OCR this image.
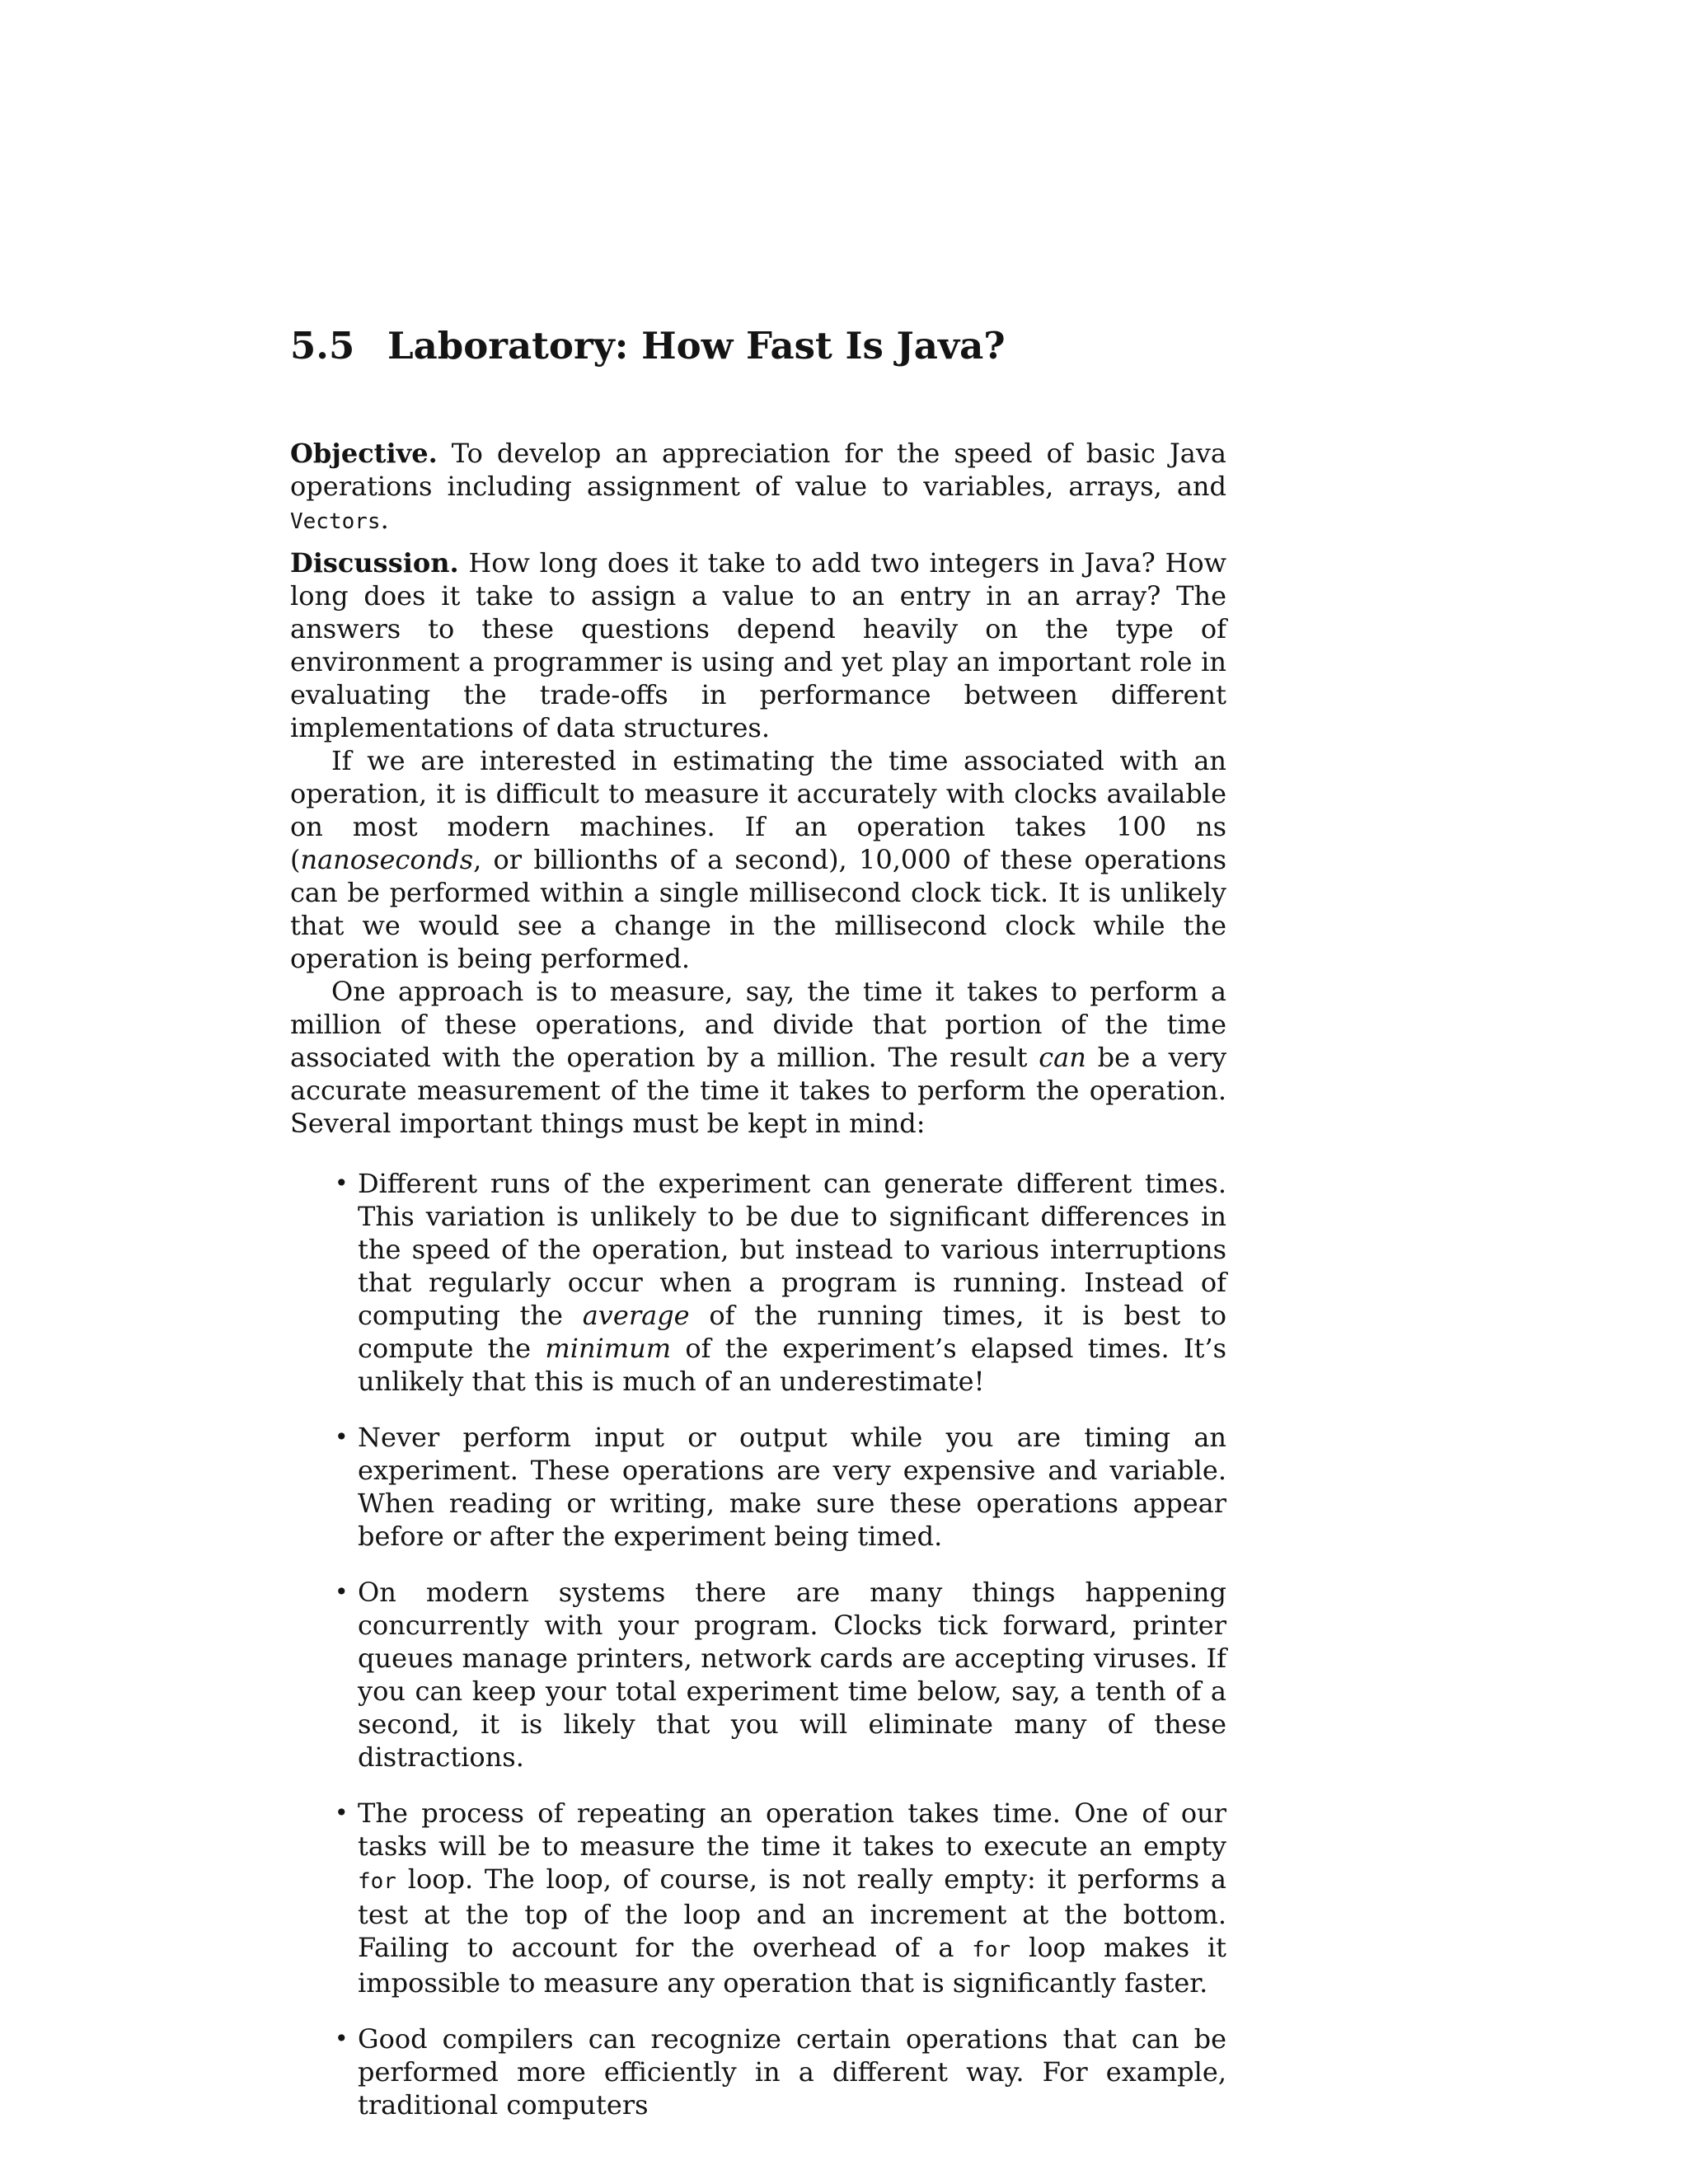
5.5 Laboratory: How Fast Is Java?

Objective. To develop an appreciation for the speed of basic Java operations including assignment of value to variables, arrays, and Vectors.

Discussion. How long does it take to add two integers in Java? How long does it take to assign a value to an entry in an array? The answers to these questions depend heavily on the type of environment a programmer is using and yet play an important role in evaluating the trade-offs in performance between different implementations of data structures.

If we are interested in estimating the time associated with an operation, it is difficult to measure it accurately with clocks available on most modern machines. If an operation takes 100 ns (nanoseconds, or billionths of a second), 10,000 of these operations can be performed within a single millisecond clock tick. It is unlikely that we would see a change in the millisecond clock while the operation is being performed.

One approach is to measure, say, the time it takes to perform a million of these operations, and divide that portion of the time associated with the operation by a million. The result can be a very accurate measurement of the time it takes to perform the operation. Several important things must be kept in mind:

• Different runs of the experiment can generate different times. This variation is unlikely to be due to significant differences in the speed of the operation, but instead to various interruptions that regularly occur when a program is running. Instead of computing the average of the running times, it is best to compute the minimum of the experiment’s elapsed times. It’s unlikely that this is much of an underestimate!
• Never perform input or output while you are timing an experiment. These operations are very expensive and variable. When reading or writing, make sure these operations appear before or after the experiment being timed.
• On modern systems there are many things happening concurrently with your program. Clocks tick forward, printer queues manage printers, network cards are accepting viruses. If you can keep your total experiment time below, say, a tenth of a second, it is likely that you will eliminate many of these distractions.
• The process of repeating an operation takes time. One of our tasks will be to measure the time it takes to execute an empty for loop. The loop, of course, is not really empty: it performs a test at the top of the loop and an increment at the bottom. Failing to account for the overhead of a for loop makes it impossible to measure any operation that is significantly faster.
• Good compilers can recognize certain operations that can be performed more efficiently in a different way. For example, traditional computers
